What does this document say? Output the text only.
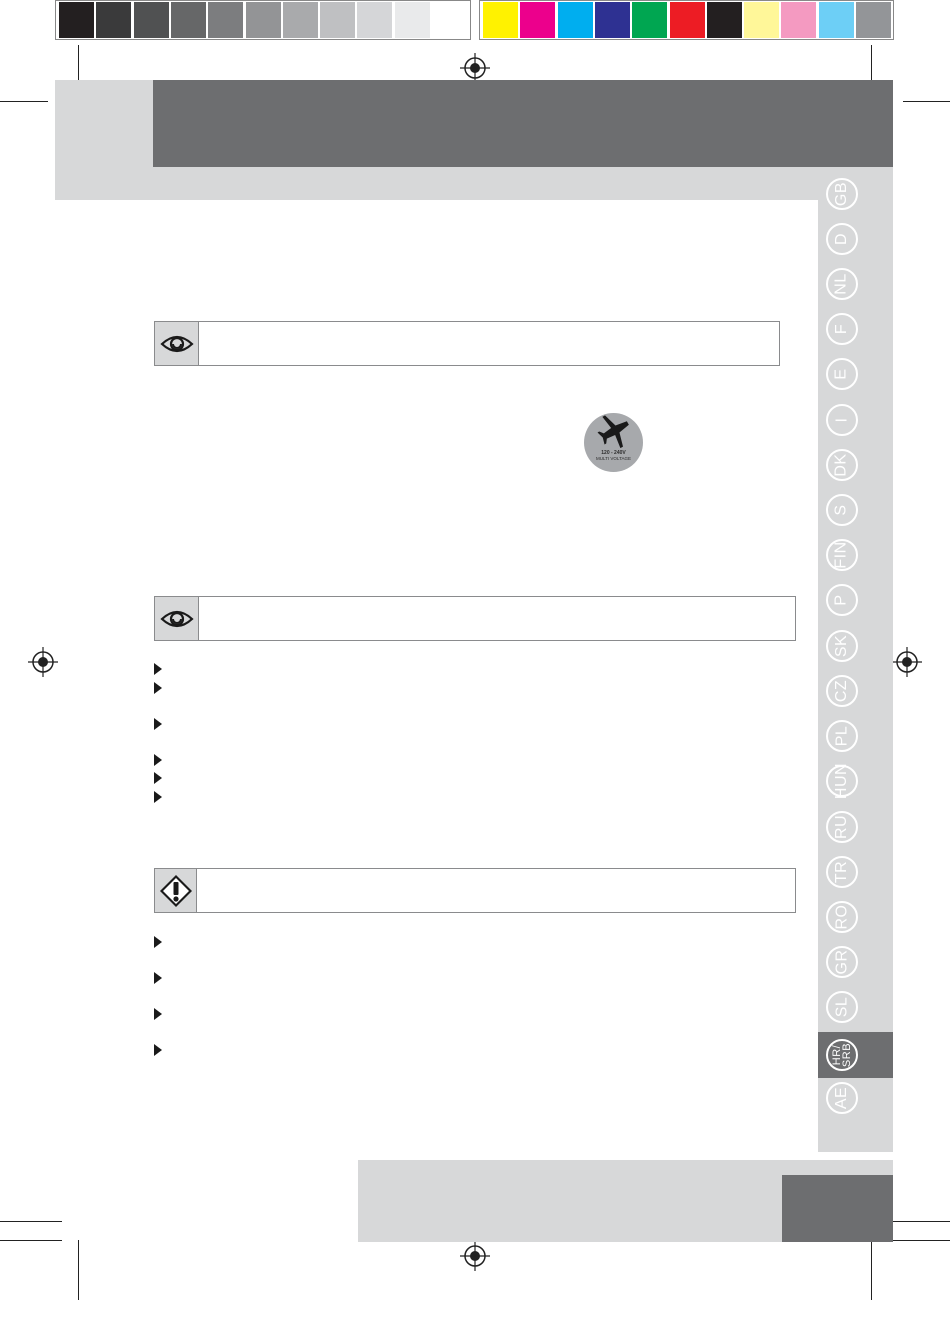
GB
D
NL
F
E
I
DK
S
FIN
P
SK
CZ
PL
HUN
RU
TR
RO
GR
SL
HR/
SRB
AE
120 - 240V
MULTI VOLTAGE
